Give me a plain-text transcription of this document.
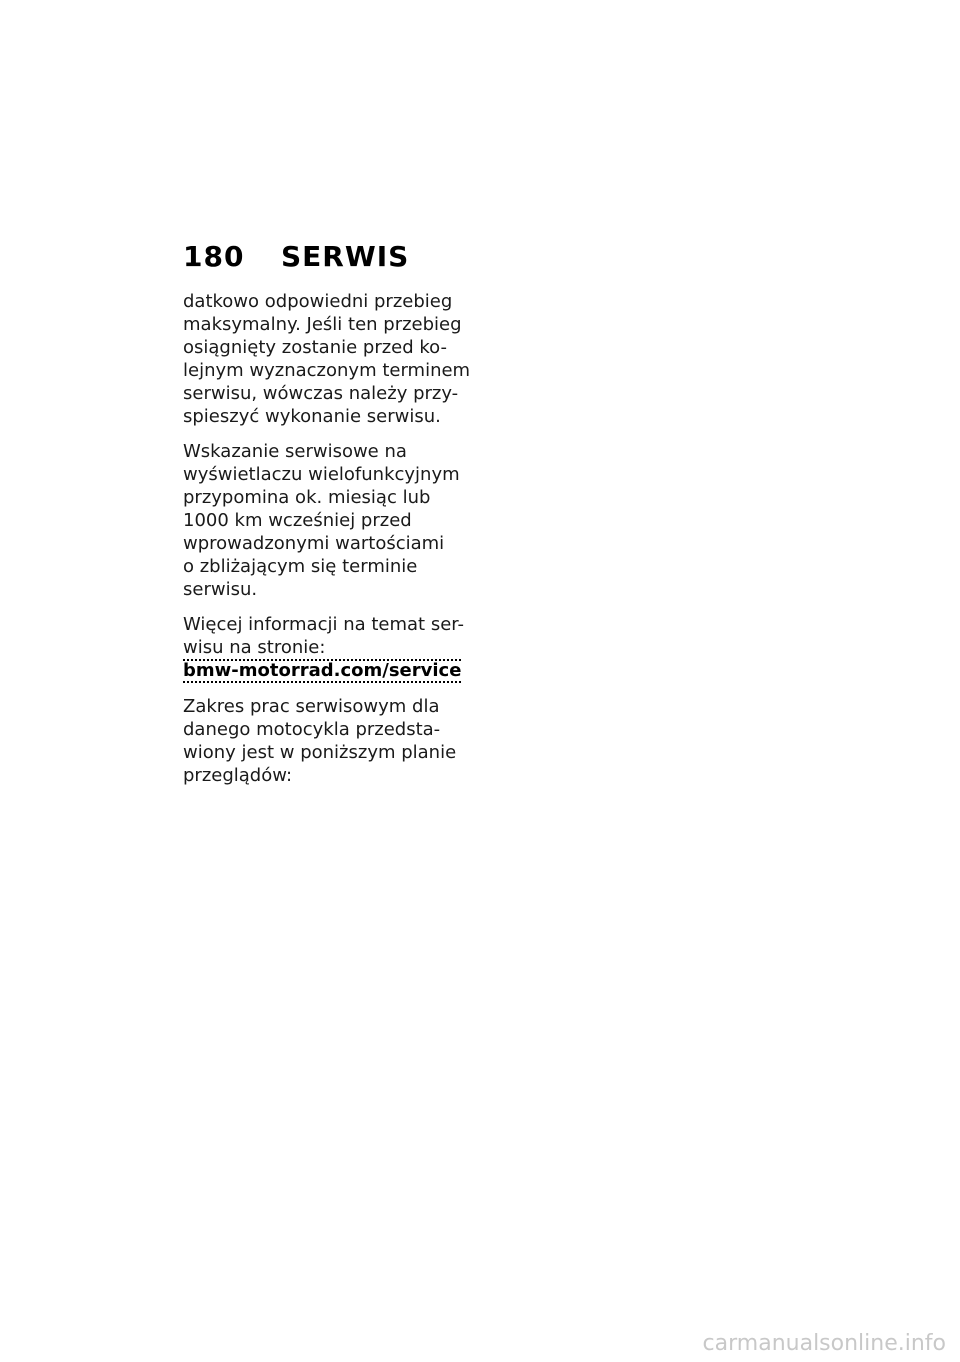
180	SERWIS

datkowo odpowiedni przebieg
maksymalny. Jeśli ten przebieg
osiągnięty zostanie przed ko-
lejnym wyznaczonym terminem
serwisu, wówczas należy przy-
spieszyć wykonanie serwisu.

Wskazanie serwisowe na
wyświetlaczu wielofunkcyjnym
przypomina ok. miesiąc lub
1000 km wcześniej przed
wprowadzonymi wartościami
o zbliżającym się terminie
serwisu.

Więcej informacji na temat ser-
wisu na stronie:
bmw-motorrad.com/service

Zakres prac serwisowym dla
danego motocykla przedsta-
wiony jest w poniższym planie
przeglądów:

carmanualsonline.info
